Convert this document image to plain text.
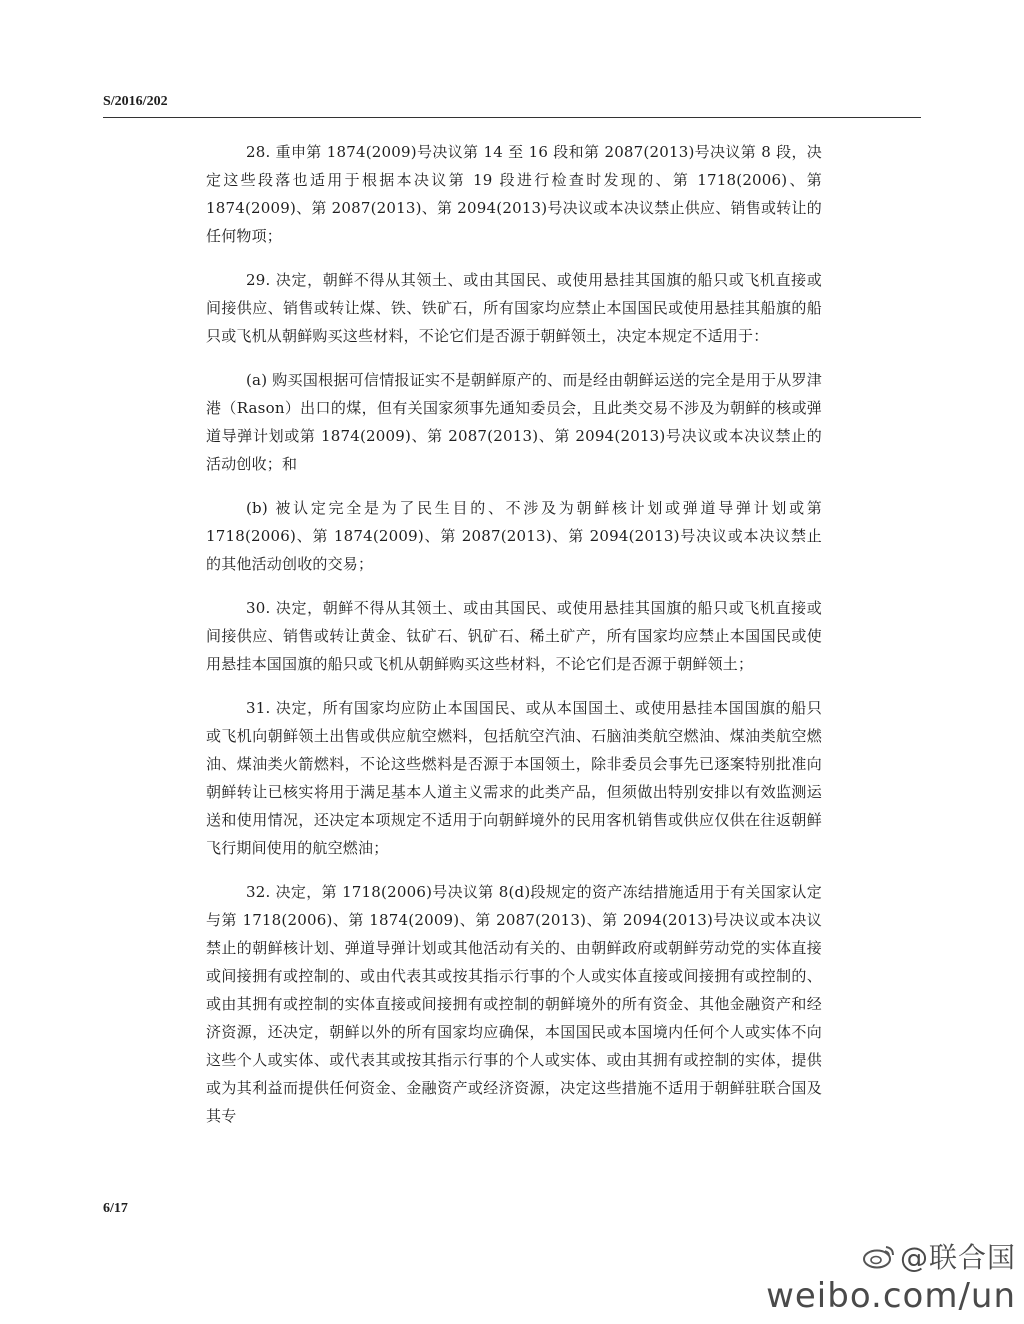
S/2016/202

28. 重申第 1874(2009)号决议第 14 至 16 段和第 2087(2013)号决议第 8 段，决定这些段落也适用于根据本决议第 19 段进行检查时发现的、第 1718(2006)、第 1874(2009)、第 2087(2013)、第 2094(2013)号决议或本决议禁止供应、销售或转让的任何物项；

29. 决定，朝鲜不得从其领土、或由其国民、或使用悬挂其国旗的船只或飞机直接或间接供应、销售或转让煤、铁、铁矿石，所有国家均应禁止本国国民或使用悬挂其船旗的船只或飞机从朝鲜购买这些材料，不论它们是否源于朝鲜领土，决定本规定不适用于：

(a) 购买国根据可信情报证实不是朝鲜原产的、而是经由朝鲜运送的完全是用于从罗津港（Rason）出口的煤，但有关国家须事先通知委员会，且此类交易不涉及为朝鲜的核或弹道导弹计划或第 1874(2009)、第 2087(2013)、第 2094(2013)号决议或本决议禁止的活动创收；和

(b) 被认定完全是为了民生目的、不涉及为朝鲜核计划或弹道导弹计划或第 1718(2006)、第 1874(2009)、第 2087(2013)、第 2094(2013)号决议或本决议禁止的其他活动创收的交易；

30. 决定，朝鲜不得从其领土、或由其国民、或使用悬挂其国旗的船只或飞机直接或间接供应、销售或转让黄金、钛矿石、钒矿石、稀土矿产，所有国家均应禁止本国国民或使用悬挂本国国旗的船只或飞机从朝鲜购买这些材料，不论它们是否源于朝鲜领土；

31. 决定，所有国家均应防止本国国民、或从本国国土、或使用悬挂本国国旗的船只或飞机向朝鲜领土出售或供应航空燃料，包括航空汽油、石脑油类航空燃油、煤油类航空燃油、煤油类火箭燃料，不论这些燃料是否源于本国领土，除非委员会事先已逐案特别批准向朝鲜转让已核实将用于满足基本人道主义需求的此类产品，但须做出特别安排以有效监测运送和使用情况，还决定本项规定不适用于向朝鲜境外的民用客机销售或供应仅供在往返朝鲜飞行期间使用的航空燃油；

32. 决定，第 1718(2006)号决议第 8(d)段规定的资产冻结措施适用于有关国家认定与第 1718(2006)、第 1874(2009)、第 2087(2013)、第 2094(2013)号决议或本决议禁止的朝鲜核计划、弹道导弹计划或其他活动有关的、由朝鲜政府或朝鲜劳动党的实体直接或间接拥有或控制的、或由代表其或按其指示行事的个人或实体直接或间接拥有或控制的、或由其拥有或控制的实体直接或间接拥有或控制的朝鲜境外的所有资金、其他金融资产和经济资源，还决定，朝鲜以外的所有国家均应确保，本国国民或本国境内任何个人或实体不向这些个人或实体、或代表其或按其指示行事的个人或实体、或由其拥有或控制的实体，提供或为其利益而提供任何资金、金融资产或经济资源，决定这些措施不适用于朝鲜驻联合国及其专

6/17
@联合国
weibo.com/un
